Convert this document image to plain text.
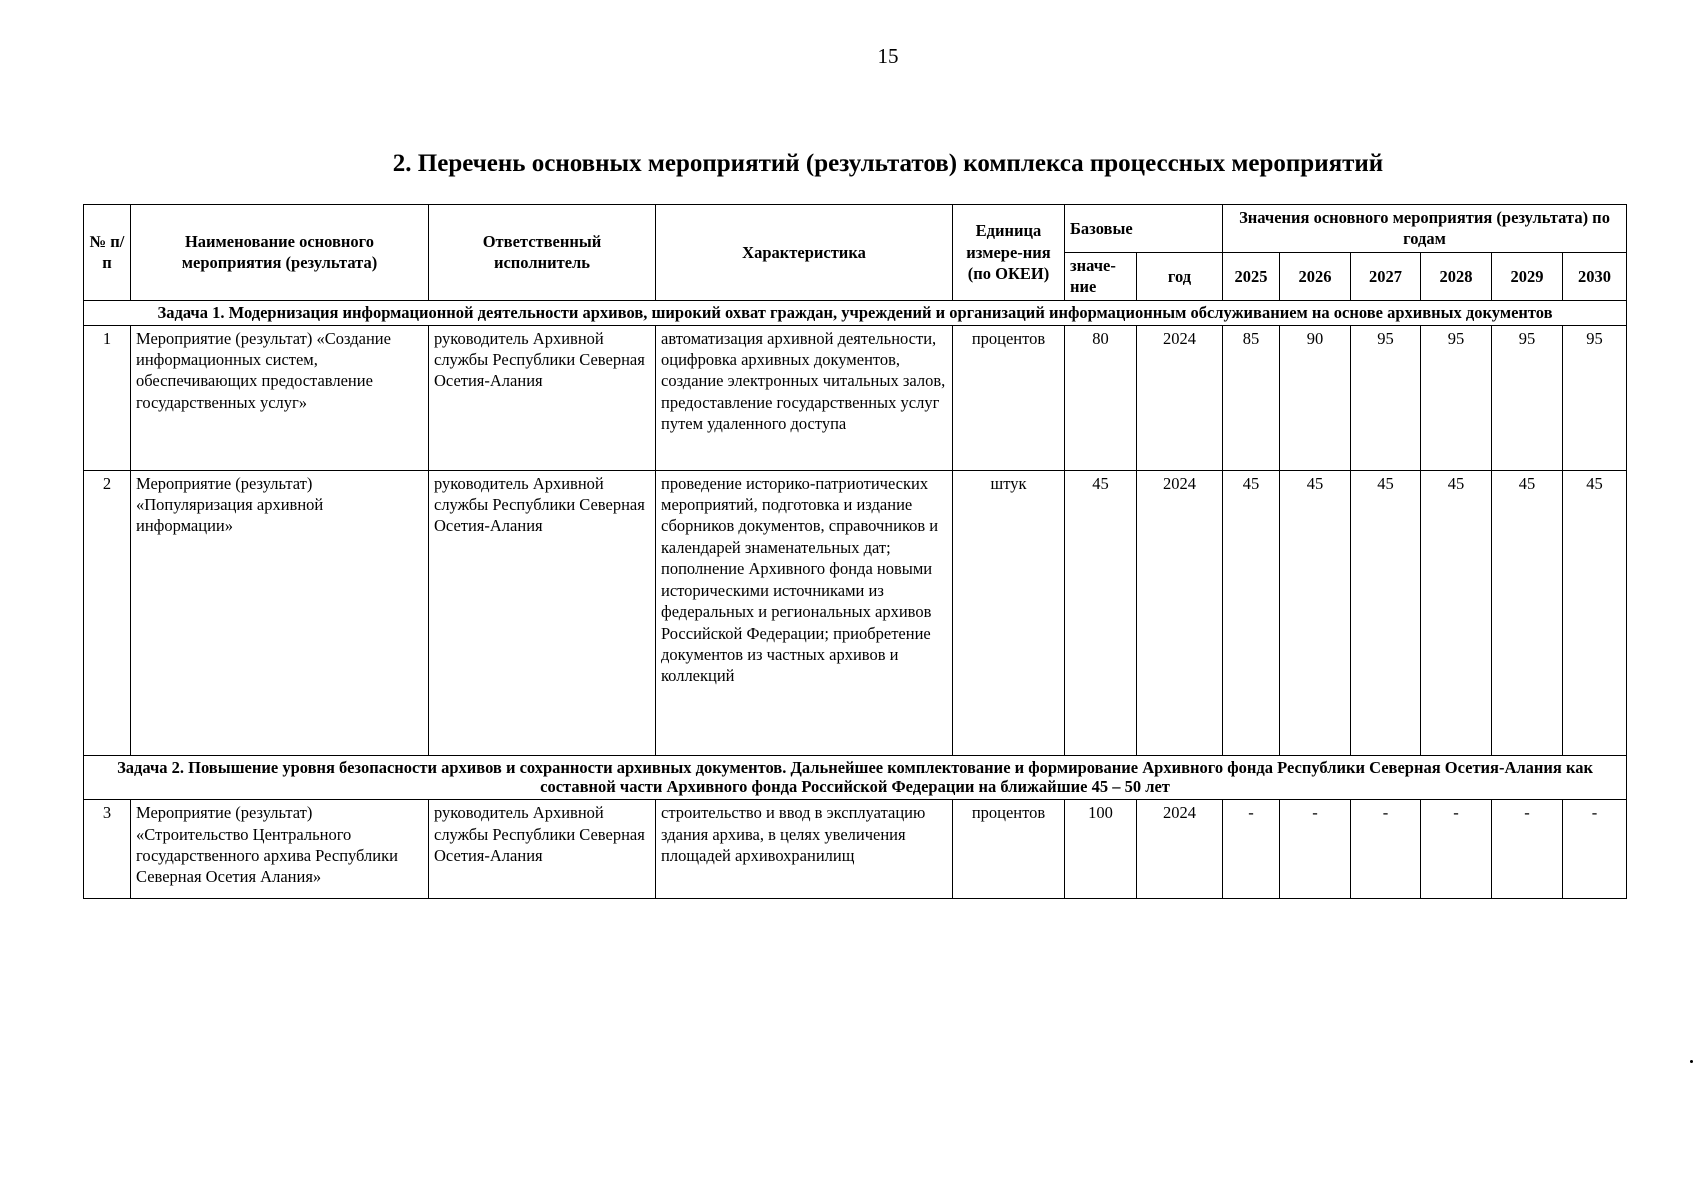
15
2. Перечень основных мероприятий (результатов) комплекса процессных мероприятий
№ п/п	Наименование основного мероприятия (результата)	Ответственный исполнитель	Характеристика	Единица измере-ния (по ОКЕИ)	Базовые		Значения основного мероприятия (результата) по годам					
					значе-ние	год	2025	2026	2027	2028	2029	2030
Задача 1. Модернизация информационной деятельности архивов, широкий охват граждан, учреждений и организаций информационным обслуживанием на основе архивных документов												
1	Мероприятие (результат) «Создание информационных систем, обеспечивающих предоставление государственных услуг»	руководитель Архивной службы Республики Северная Осетия-Алания	автоматизация архивной деятельности, оцифровка архивных документов, создание электронных читальных залов, предоставление государственных услуг путем удаленного доступа	процентов	80	2024	85	90	95	95	95	95
2	Мероприятие (результат) «Популяризация архивной информации»	руководитель Архивной службы Республики Северная Осетия-Алания	проведение историко-патриотических мероприятий, подготовка и издание сборников документов, справочников и календарей знаменательных дат; пополнение Архивного фонда новыми историческими источниками из федеральных и региональных архивов Российской Федерации; приобретение документов из частных архивов и коллекций	штук	45	2024	45	45	45	45	45	45
Задача 2. Повышение уровня безопасности архивов и сохранности архивных документов. Дальнейшее комплектование и формирование Архивного фонда Республики Северная Осетия-Алания как составной части Архивного фонда Российской Федерации на ближайшие 45 – 50 лет												
3	Мероприятие (результат) «Строительство Центрального государственного архива Республики Северная Осетия Алания»	руководитель Архивной службы Республики Северная Осетия-Алания	строительство и ввод в эксплуатацию здания архива, в целях увеличения площадей архивохранилищ	процентов	100	2024	-	-	-	-	-	-
